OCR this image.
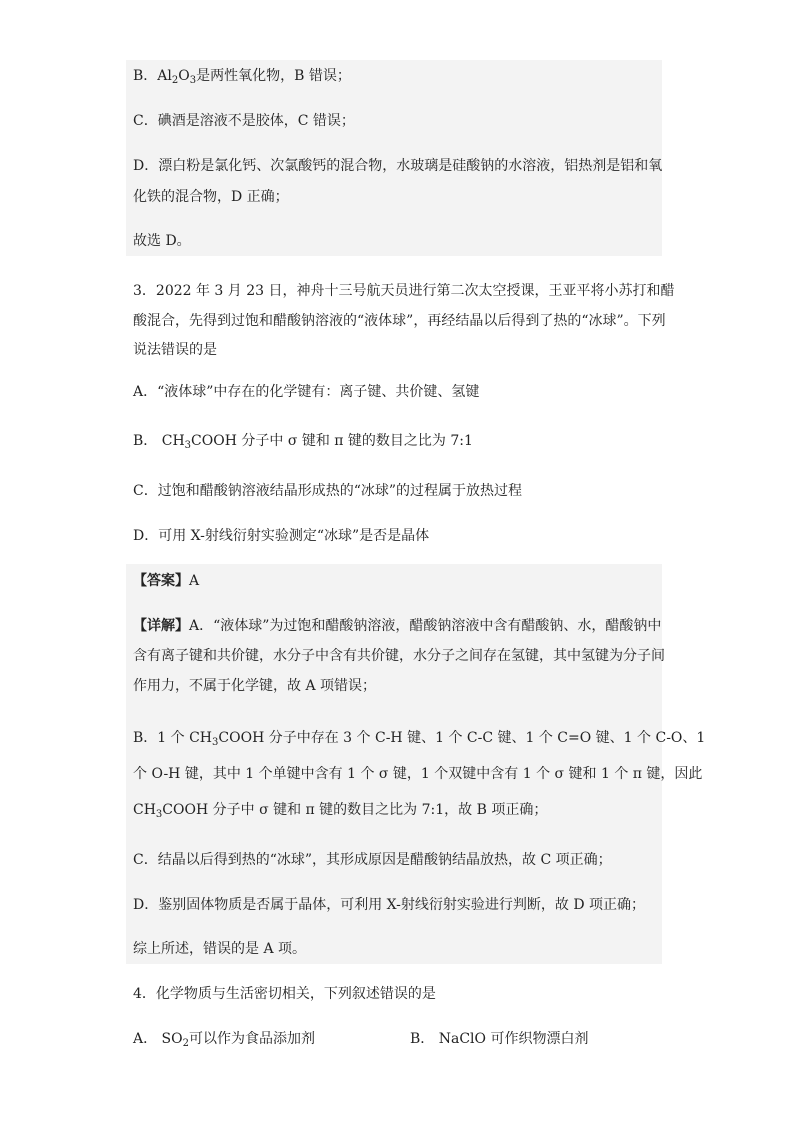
B．$Al_2O_3$是两性氧化物，B 错误；
C．碘酒是溶液不是胶体，C 错误；
D．漂白粉是氯化钙、次氯酸钙的混合物，水玻璃是硅酸钠的水溶液，铝热剂是铝和氧
化铁的混合物，D 正确；
故选 D。
3．2022 年 3 月 23 日，神舟十三号航天员进行第二次太空授课，王亚平将小苏打和醋
酸混合，先得到过饱和醋酸钠溶液的“液体球”，再经结晶以后得到了热的“冰球”。下列
说法错误的是
A．“液体球”中存在的化学键有：离子键、共价键、氢键
B． $CH_3COOH$ 分子中 σ 键和 π 键的数目之比为 7:1
C．过饱和醋酸钠溶液结晶形成热的“冰球”的过程属于放热过程
D．可用 X-射线衍射实验测定“冰球”是否是晶体
【答案】A
【详解】A．“液体球”为过饱和醋酸钠溶液，醋酸钠溶液中含有醋酸钠、水，醋酸钠中
含有离子键和共价键，水分子中含有共价键，水分子之间存在氢键，其中氢键为分子间
作用力，不属于化学键，故 A 项错误；
B．1 个 $CH_3COOH$ 分子中存在 3 个 C-H 键、1 个 C-C 键、1 个 C=O 键、1 个 C-O、1
个 O-H 键，其中 1 个单键中含有 1 个 σ 键，1 个双键中含有 1 个 σ 键和 1 个 π 键，因此
$CH_3COOH$ 分子中 σ 键和 π 键的数目之比为 7:1，故 B 项正确；
C．结晶以后得到热的“冰球”，其形成原因是醋酸钠结晶放热，故 C 项正确；
D．鉴别固体物质是否属于晶体，可利用 X-射线衍射实验进行判断，故 D 项正确；
综上所述，错误的是 A 项。
4．化学物质与生活密切相关，下列叙述错误的是
A． $SO_2$可以作为食品添加剂	B． NaClO 可作织物漂白剂
